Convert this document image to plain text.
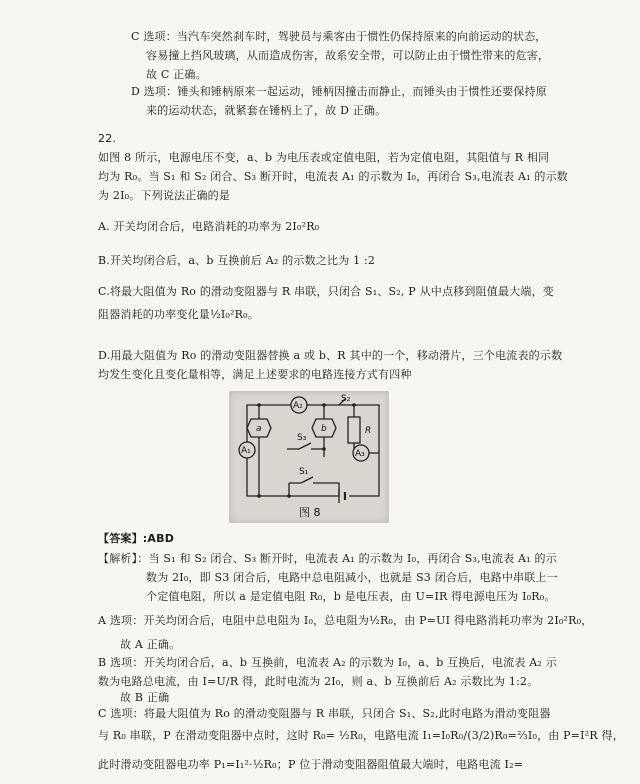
C 选项：当汽车突然刹车时，驾驶员与乘客由于惯性仍保持原来的向前运动的状态，
容易撞上挡风玻璃，从而造成伤害，故系安全带，可以防止由于惯性带来的危害，
故 C 正确。
D 选项：锤头和锤柄原来一起运动，锤柄因撞击而静止，而锤头由于惯性还要保持原
来的运动状态，就紧套在锤柄上了，故 D 正确。
22.
如图 8 所示，电源电压不变，a、b 为电压表或定值电阻，若为定值电阻，其阻值与 R 相同
均为 R₀。当 S₁ 和 S₂ 闭合、S₃ 断开时，电流表 A₁ 的示数为 I₀，再闭合 S₃,电流表 A₁ 的示数
为 2I₀。下列说法正确的是
A. 开关均闭合后，电路消耗的功率为 2I₀²R₀
B.开关均闭合后，a、b 互换前后 A₂ 的示数之比为 1 :2
C.将最大阻值为 Ro 的滑动变阻器与 R 串联，只闭合 S₁、S₂, P 从中点移到阻值最大端，变
阻器消耗的功率变化量½I₀²R₀。
D.用最大阻值为 Ro 的滑动变阻器替换 a 或 b、R 其中的一个，移动滑片，三个电流表的示数
均发生变化且变化量相等，满足上述要求的电路连接方式有四种
A₂
A₁	A₃
a	b	R
S₂
S₃
S₁
图 8
【答案】:ABD
【解析】：当 S₁ 和 S₂ 闭合、S₃ 断开时，电流表 A₁ 的示数为 I₀，再闭合 S₃,电流表 A₁ 的示
数为 2I₀，即 S3 闭合后，电路中总电阻减小，也就是 S3 闭合后，电路中串联上一
个定值电阻，所以 a 是定值电阻 R₀，b 是电压表，由 U=IR 得电源电压为 I₀R₀。
A 选项：开关均闭合后，电阻中总电阻为 I₀，总电阻为½R₀，由 P=UI 得电路消耗功率为 2I₀²R₀，
故 A 正确。
B 选项：开关均闭合后，a、b 互换前，电流表 A₂ 的示数为 I₀，a、b 互换后，电流表 A₂ 示
数为电路总电流，由 I=U/R 得，此时电流为 2I₀，则 a、b 互换前后 A₂ 示数比为 1:2。
故 B 正确
C 选项：将最大阻值为 Ro 的滑动变阻器与 R 串联，只闭合 S₁、S₂,此时电路为滑动变阻器
与 R₀ 串联，P 在滑动变阻器中点时，这时 R₀= ½R₀，电路电流 I₁=I₀R₀/(3/2)R₀=⅔I₀，由 P=I²R 得，
此时滑动变阻器电功率 P₁=I₁²·½R₀；P 位于滑动变阻器阻值最大端时，电路电流 I₂=
